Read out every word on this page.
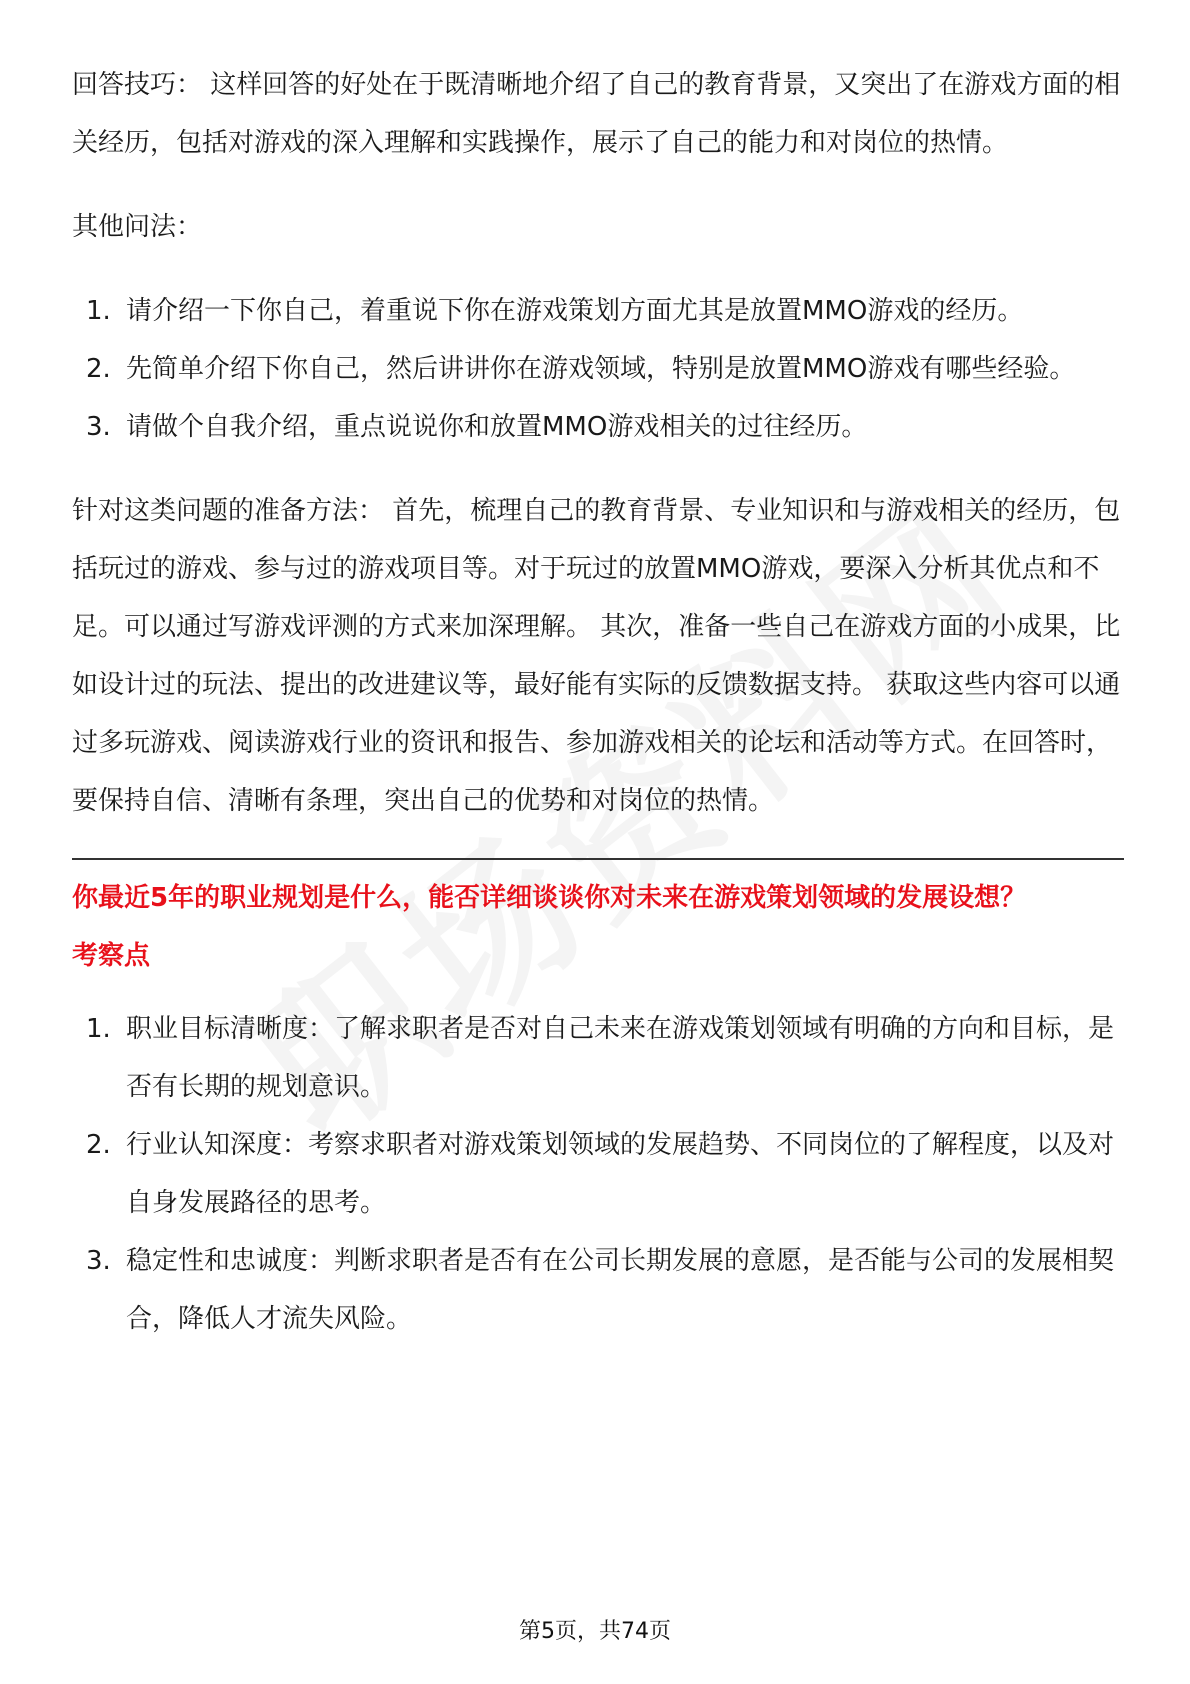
回答技巧： 这样回答的好处在于既清晰地介绍了自己的教育背景，又突出了在游戏方面的相关经历，包括对游戏的深入理解和实践操作，展示了自己的能力和对岗位的热情。

其他问法：

1. 请介绍一下你自己，着重说下你在游戏策划方面尤其是放置MMO游戏的经历。
2. 先简单介绍下你自己，然后讲讲你在游戏领域，特别是放置MMO游戏有哪些经验。
3. 请做个自我介绍，重点说说你和放置MMO游戏相关的过往经历。

针对这类问题的准备方法： 首先，梳理自己的教育背景、专业知识和与游戏相关的经历，包括玩过的游戏、参与过的游戏项目等。对于玩过的放置MMO游戏，要深入分析其优点和不足。可以通过写游戏评测的方式来加深理解。 其次，准备一些自己在游戏方面的小成果，比如设计过的玩法、提出的改进建议等，最好能有实际的反馈数据支持。 获取这些内容可以通过多玩游戏、阅读游戏行业的资讯和报告、参加游戏相关的论坛和活动等方式。在回答时，要保持自信、清晰有条理，突出自己的优势和对岗位的热情。

你最近5年的职业规划是什么，能否详细谈谈你对未来在游戏策划领域的发展设想？

考察点

1. 职业目标清晰度：了解求职者是否对自己未来在游戏策划领域有明确的方向和目标，是否有长期的规划意识。
2. 行业认知深度：考察求职者对游戏策划领域的发展趋势、不同岗位的了解程度，以及对自身发展路径的思考。
3. 稳定性和忠诚度：判断求职者是否有在公司长期发展的意愿，是否能与公司的发展相契合，降低人才流失风险。
第5页，共74页
